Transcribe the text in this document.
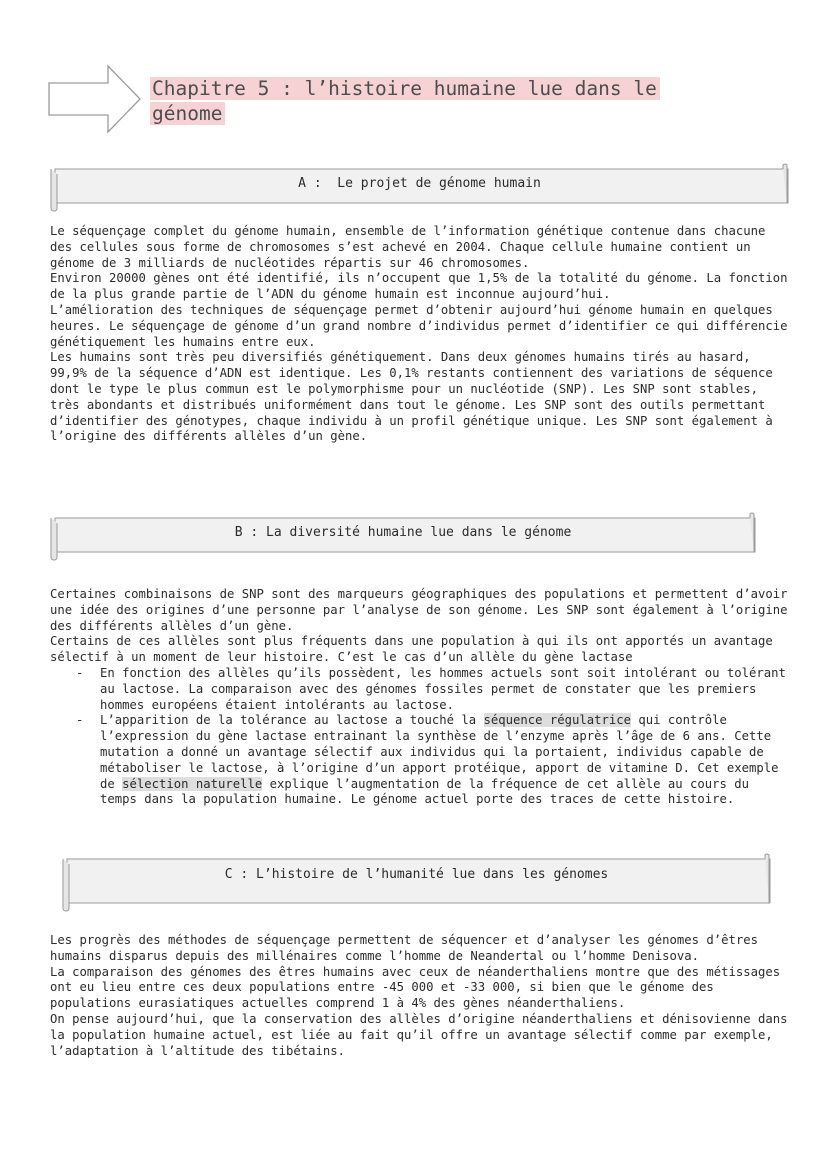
Chapitre 5 : l’histoire humaine lue dans le
génome
A :  Le projet de génome humain

Le séquençage complet du génome humain, ensemble de l’information génétique contenue dans chacune des cellules sous forme de chromosomes s’est achevé en 2004. Chaque cellule humaine contient un génome de 3 milliards de nucléotides répartis sur 46 chromosomes.

Environ 20000 gènes ont été identifié, ils n’occupent que 1,5% de la totalité du génome. La fonction de la plus grande partie de l’ADN du génome humain est inconnue aujourd’hui.

L’amélioration des techniques de séquençage permet d’obtenir aujourd’hui génome humain en quelques heures. Le séquençage de génome d’un grand nombre d’individus permet d’identifier ce qui différencie génétiquement les humains entre eux.

Les humains sont très peu diversifiés génétiquement. Dans deux génomes humains tirés au hasard, 99,9% de la séquence d’ADN est identique. Les 0,1% restants contiennent des variations de séquence dont le type le plus commun est le polymorphisme pour un nucléotide (SNP). Les SNP sont stables, très abondants et distribués uniformément dans tout le génome. Les SNP sont des outils permettant d’identifier des génotypes, chaque individu à un profil génétique unique. Les SNP sont également à l’origine des différents allèles d’un gène.

B : La diversité humaine lue dans le génome

Certaines combinaisons de SNP sont des marqueurs géographiques des populations et permettent d’avoir une idée des origines d’une personne par l’analyse de son génome. Les SNP sont également à l’origine des différents allèles d’un gène.

Certains de ces allèles sont plus fréquents dans une population à qui ils ont apportés un avantage sélectif à un moment de leur histoire. C’est le cas d’un allèle du gène lactase

- En fonction des allèles qu’ils possèdent, les hommes actuels sont soit intolérant ou tolérant au lactose. La comparaison avec des génomes fossiles permet de constater que les premiers hommes européens étaient intolérants au lactose.
- L’apparition de la tolérance au lactose a touché la séquence régulatrice qui contrôle l’expression du gène lactase entrainant la synthèse de l’enzyme après l’âge de 6 ans. Cette mutation a donné un avantage sélectif aux individus qui la portaient, individus capable de métaboliser le lactose, à l’origine d’un apport protéique, apport de vitamine D. Cet exemple de sélection naturelle explique l’augmentation de la fréquence de cet allèle au cours du temps dans la population humaine. Le génome actuel porte des traces de cette histoire.
C : L’histoire de l’humanité lue dans les génomes

Les progrès des méthodes de séquençage permettent de séquencer et d’analyser les génomes d’êtres humains disparus depuis des millénaires comme l’homme de Neandertal ou l’homme Denisova.

La comparaison des génomes des êtres humains avec ceux de néanderthaliens montre que des métissages ont eu lieu entre ces deux populations entre -45 000 et -33 000, si bien que le génome des populations eurasiatiques actuelles comprend 1 à 4% des gènes néanderthaliens.

On pense aujourd’hui, que la conservation des allèles d’origine néanderthaliens et dénisovienne dans la population humaine actuel, est liée au fait qu’il offre un avantage sélectif comme par exemple, l’adaptation à l’altitude des tibétains.
